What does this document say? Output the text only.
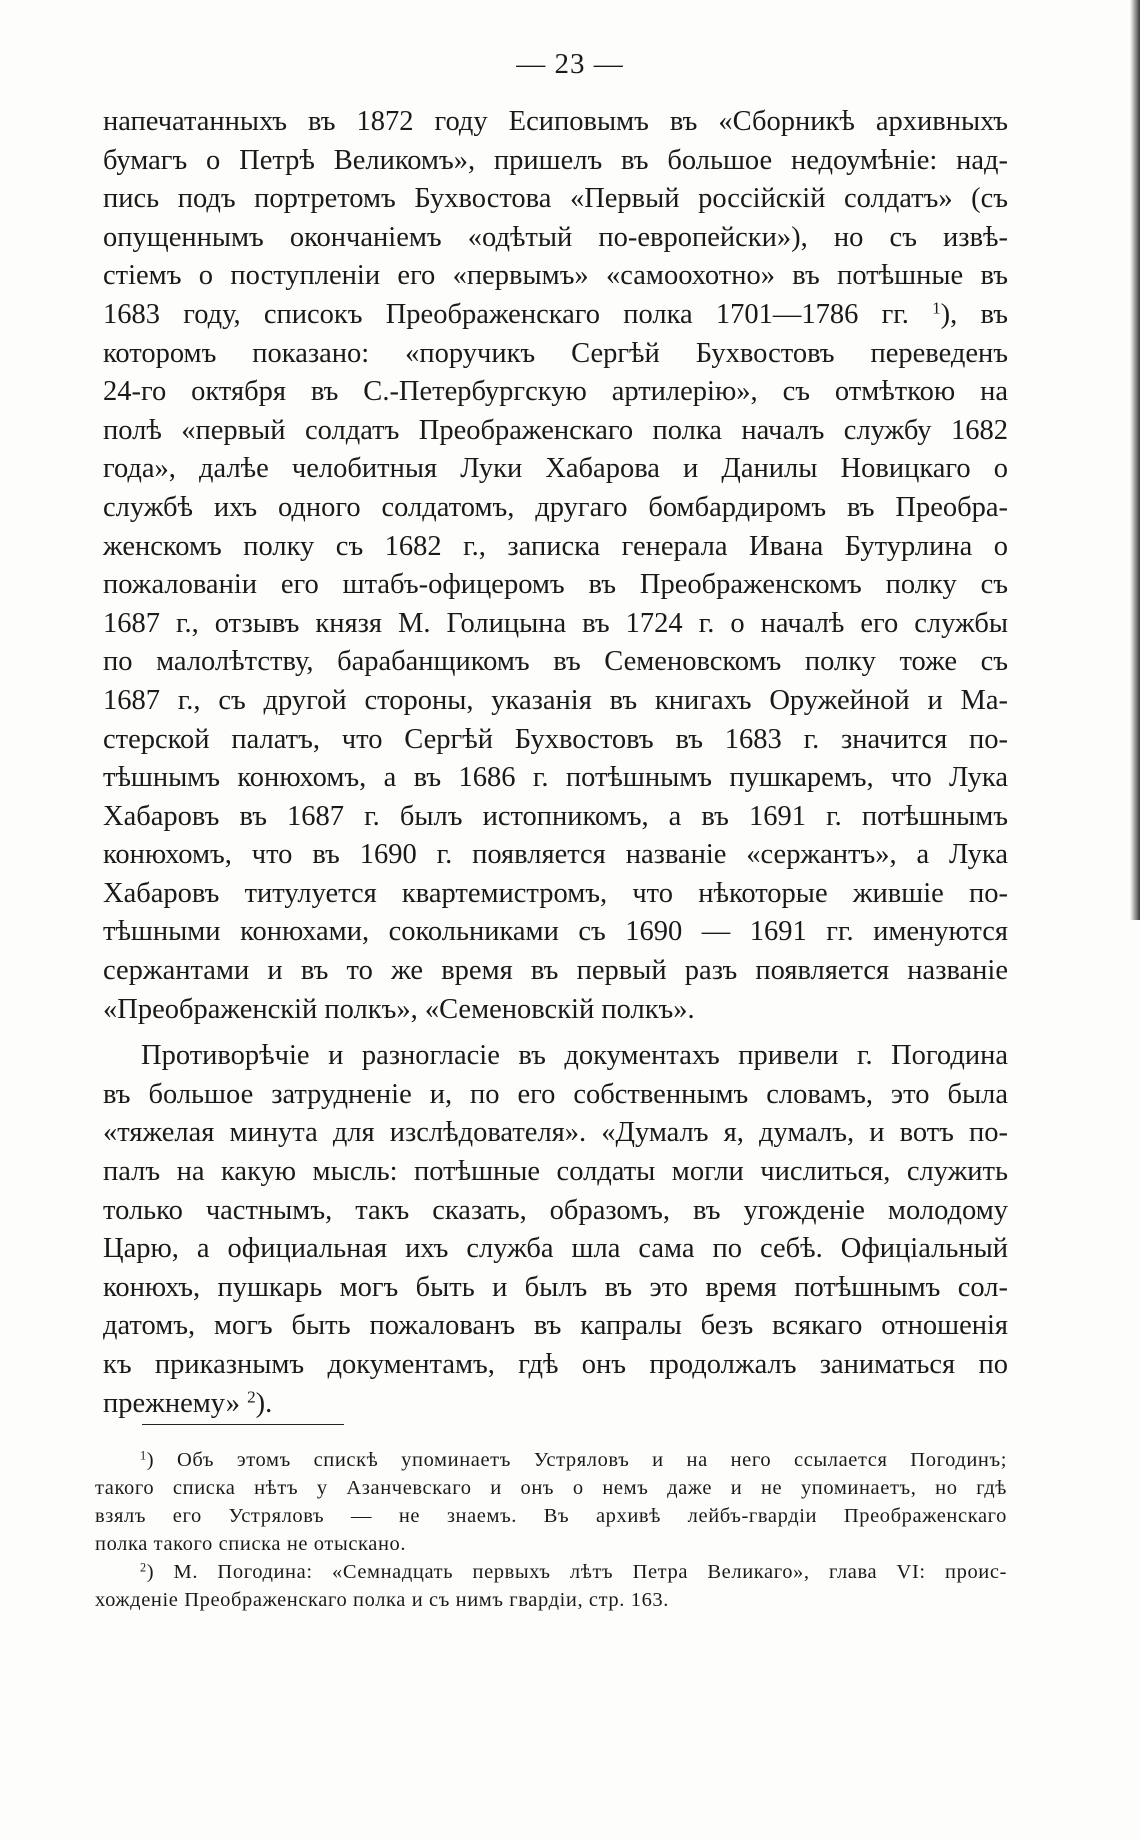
— 23 —

напечатанныхъ въ 1872 году Есиповымъ въ «Сборникѣ архивныхъ

бумагъ о Петрѣ Великомъ», пришелъ въ большое недоумѣніе: над-

пись подъ портретомъ Бухвостова «Первый россійскій солдатъ» (съ

опущеннымъ окончаніемъ «одѣтый по-европейски»), но съ извѣ-

стіемъ о поступленіи его «первымъ» «самоохотно» въ потѣшные въ

1683 году, списокъ Преображенскаго полка 1701—1786 гг. $^1$), въ

которомъ показано: «поручикъ Сергѣй Бухвостовъ переведенъ

24-го октября въ С.-Петербургскую артилерію», съ отмѣткою на

полѣ «первый солдатъ Преображенскаго полка началъ службу 1682

года», далѣе челобитныя Луки Хабарова и Данилы Новицкаго о

службѣ ихъ одного солдатомъ, другаго бомбардиромъ въ Преобра-

женскомъ полку съ 1682 г., записка генерала Ивана Бутурлина о

пожалованіи его штабъ-офицеромъ въ Преображенскомъ полку съ

1687 г., отзывъ князя М. Голицына въ 1724 г. о началѣ его службы

по малолѣтству, барабанщикомъ въ Семеновскомъ полку тоже съ

1687 г., съ другой стороны, указанія въ книгахъ Оружейной и Ма-

стерской палатъ, что Сергѣй Бухвостовъ въ 1683 г. значится по-

тѣшнымъ конюхомъ, а въ 1686 г. потѣшнымъ пушкаремъ, что Лука

Хабаровъ въ 1687 г. былъ истопникомъ, а въ 1691 г. потѣшнымъ

конюхомъ, что въ 1690 г. появляется названіе «сержантъ», а Лука

Хабаровъ титулуется квартемистромъ, что нѣкоторые жившіе по-

тѣшными конюхами, сокольниками съ 1690 — 1691 гг. именуются

сержантами и въ то же время въ первый разъ появляется названіе

«Преображенскій полкъ», «Семеновскій полкъ».

Противорѣчіе и разногласіе въ документахъ привели г. Погодина

въ большое затрудненіе и, по его собственнымъ словамъ, это была

«тяжелая минута для изслѣдователя». «Думалъ я, думалъ, и вотъ по-

палъ на какую мысль: потѣшные солдаты могли числиться, служить

только частнымъ, такъ сказать, образомъ, въ угожденіе молодому

Царю, а официальная ихъ служба шла сама по себѣ. Офиціальный

конюхъ, пушкарь могъ быть и былъ въ это время потѣшнымъ сол-

датомъ, могъ быть пожалованъ въ капралы безъ всякаго отношенія

къ приказнымъ документамъ, гдѣ онъ продолжалъ заниматься по

прежнему» $^2$).

$^1$) Объ этомъ спискѣ упоминаетъ Устряловъ и на него ссылается Погодинъ;

такого списка нѣтъ у Азанчевскаго и онъ о немъ даже и не упоминаетъ, но гдѣ

взялъ его Устряловъ — не знаемъ. Въ архивѣ лейбъ-гвардіи Преображенскаго

полка такого списка не отыскано.

$^2$) М. Погодина: «Семнадцать первыхъ лѣтъ Петра Великаго», глава VI: проис-

хожденіе Преображенскаго полка и съ нимъ гвардіи, стр. 163.
